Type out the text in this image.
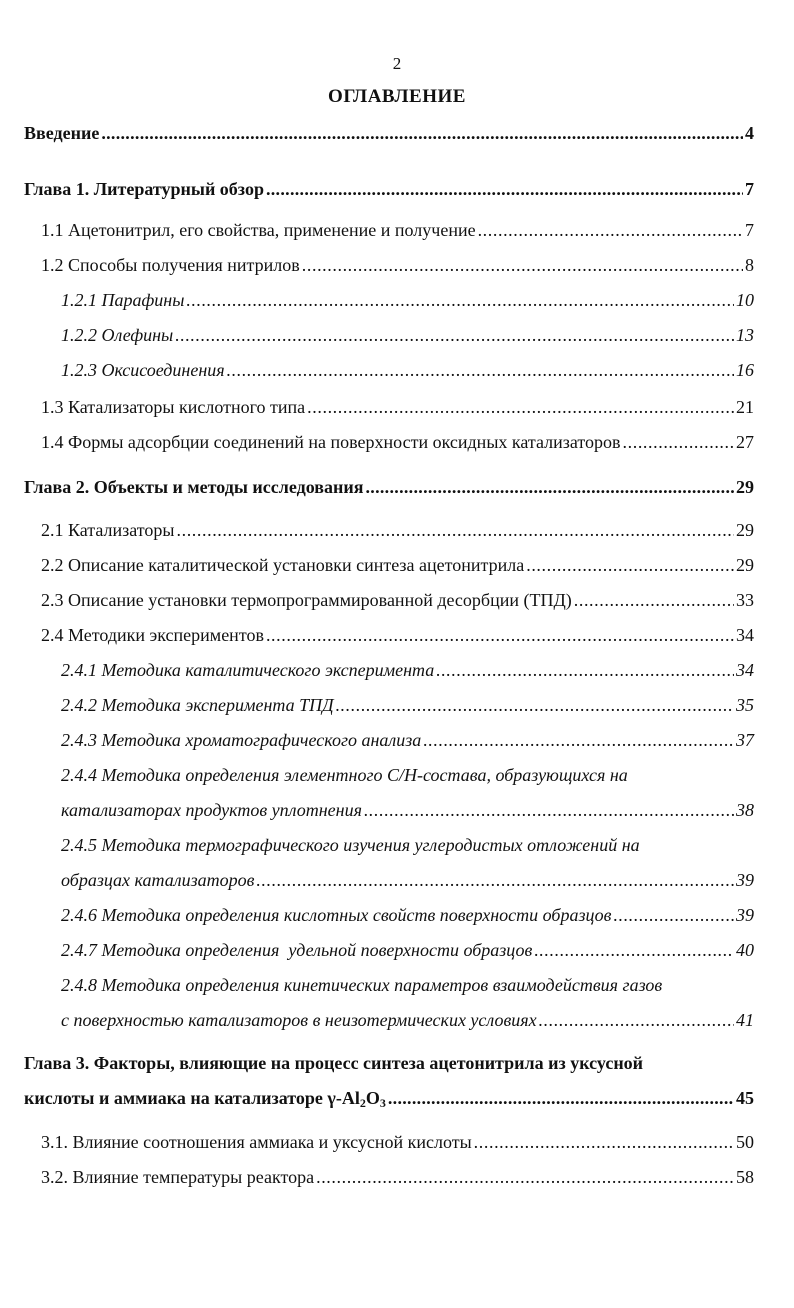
2
ОГЛАВЛЕНИЕ
Введение .....	4
Глава 1. Литературный обзор .....	7
1.1 Ацетонитрил, его свойства, применение и получение .....	7
1.2 Способы получения нитрилов .....	8
1.2.1 Парафины .....	10
1.2.2 Олефины .....	13
1.2.3 Оксисоединения .....	16
1.3 Катализаторы кислотного типа .....	21
1.4 Формы адсорбции соединений на поверхности оксидных катализаторов .....	27
Глава 2. Объекты и методы исследования .....	29
2.1 Катализаторы .....	29
2.2 Описание каталитической установки синтеза ацетонитрила .....	29
2.3 Описание установки термопрограммированной десорбции (ТПД) .....	33
2.4 Методики экспериментов .....	34
2.4.1 Методика каталитического эксперимента .....	34
2.4.2 Методика эксперимента ТПД .....	35
2.4.3 Методика хроматографического анализа .....	37
2.4.4 Методика определения элементного C/H-состава, образующихся на
катализаторах продуктов уплотнения .....	38
2.4.5 Методика термографического изучения углеродистых отложений на
образцах катализаторов .....	39
2.4.6 Методика определения кислотных свойств поверхности образцов .....	39
2.4.7 Методика определения  удельной поверхности образцов .....	40
2.4.8 Методика определения кинетических параметров взаимодействия газов
с поверхностью катализаторов в неизотермических условиях .....	41
Глава 3. Факторы, влияющие на процесс синтеза ацетонитрила из уксусной
кислоты и аммиака на катализаторе $\gamma-Al_2O_3$ .....	45
3.1. Влияние соотношения аммиака и уксусной кислоты .....	50
3.2. Влияние температуры реактора .....	58
